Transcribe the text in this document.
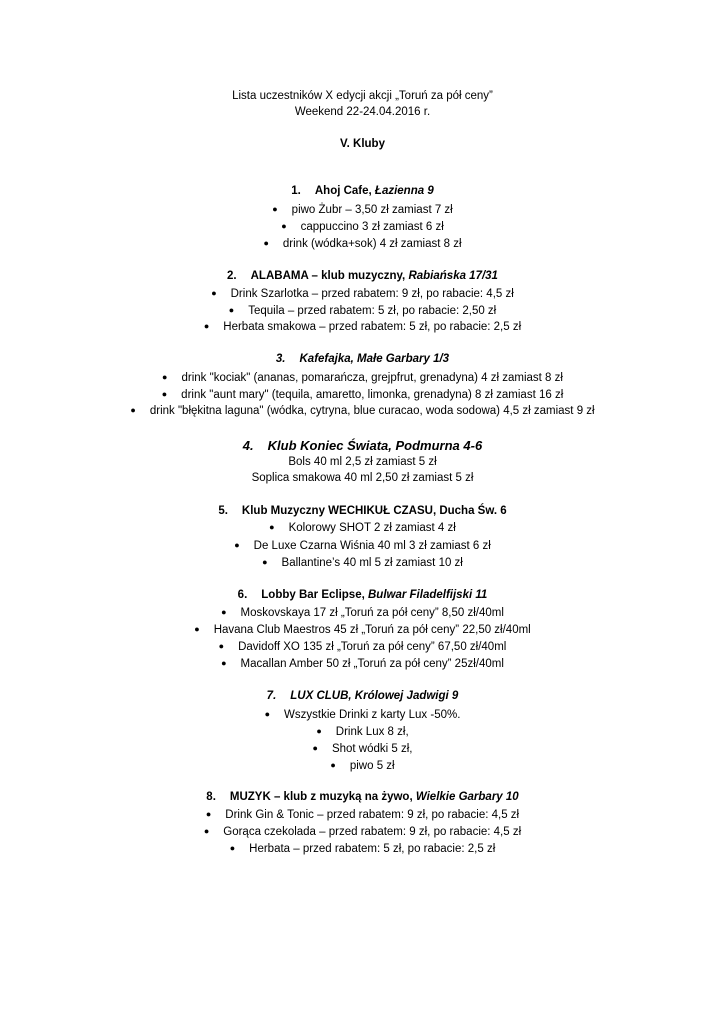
Lista uczestników X edycji akcji „Toruń za pół ceny”
Weekend 22-24.04.2016 r.
V. Kluby
1. Ahoj Cafe, Łazienna 9
● piwo Żubr – 3,50 zł zamiast 7 zł
● cappuccino 3 zł zamiast 6 zł
● drink (wódka+sok) 4 zł zamiast 8 zł
2. ALABAMA – klub muzyczny, Rabiańska 17/31
● Drink Szarlotka – przed rabatem: 9 zł, po rabacie: 4,5 zł
● Tequila – przed rabatem: 5 zł, po rabacie: 2,50 zł
● Herbata smakowa – przed rabatem: 5 zł, po rabacie: 2,5 zł
3. Kafefajka, Małe Garbary 1/3
● drink "kociak" (ananas, pomarańcza, grejpfrut, grenadyna) 4 zł zamiast 8 zł
● drink "aunt mary" (tequila, amaretto, limonka, grenadyna) 8 zł zamiast 16 zł
● drink "błękitna laguna" (wódka, cytryna, blue curacao, woda sodowa) 4,5 zł zamiast 9 zł
4. Klub Koniec Świata, Podmurna 4-6
Bols 40 ml 2,5 zł zamiast 5 zł
Soplica smakowa 40 ml 2,50 zł zamiast 5 zł
5. Klub Muzyczny WECHIKUŁ CZASU, Ducha Św. 6
● Kolorowy SHOT 2 zł zamiast 4 zł
● De Luxe Czarna Wiśnia 40 ml 3 zł zamiast 6 zł
● Ballantine’s 40 ml 5 zł zamiast 10 zł
6. Lobby Bar Eclipse, Bulwar Filadelfijski 11
● Moskovskaya 17 zł „Toruń za pół ceny” 8,50 zł/40ml
● Havana Club Maestros 45 zł „Toruń za pół ceny” 22,50 zł/40ml
● Davidoff XO 135 zł „Toruń za pół ceny” 67,50 zł/40ml
● Macallan Amber 50 zł „Toruń za pół ceny” 25zł/40ml
7. LUX CLUB, Królowej Jadwigi 9
● Wszystkie Drinki z karty Lux -50%.
● Drink Lux 8 zł,
● Shot wódki 5 zł,
● piwo 5 zł
8. MUZYK – klub z muzyką na żywo, Wielkie Garbary 10
● Drink Gin & Tonic – przed rabatem: 9 zł, po rabacie: 4,5 zł
● Gorąca czekolada – przed rabatem: 9 zł, po rabacie: 4,5 zł
● Herbata – przed rabatem: 5 zł, po rabacie: 2,5 zł
